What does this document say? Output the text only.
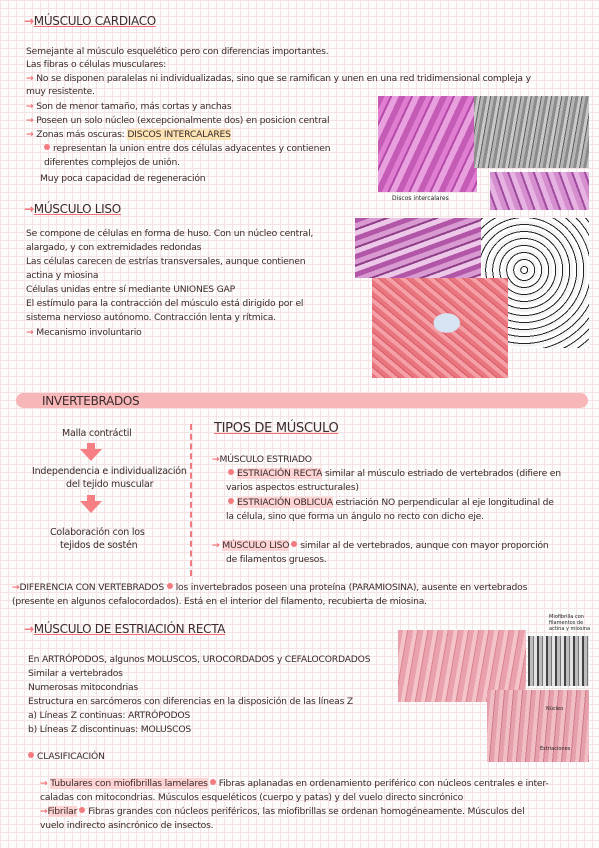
→MÚSCULO CARDIACO
Semejante al músculo esquelético pero con diferencias importantes.
Las fibras o células musculares:
→ No se disponen paralelas ni individualizadas, sino que se ramifican y unen en una red tridimensional compleja y
muy resistente.
→ Son de menor tamaño, más cortas y anchas
→ Poseen un solo núcleo (excepcionalmente dos) en posicion central
→ Zonas más oscuras: DISCOS INTERCALARES
representan la union entre dos células adyacentes y contienen
diferentes complejos de unión.
Muy poca capacidad de regeneración
Discos intercalares
→MÚSCULO LISO
Se compone de células en forma de huso. Con un núcleo central,
alargado, y con extremidades redondas
Las células carecen de estrías transversales, aunque contienen
actina y miosina
Células unidas entre sí mediante UNIONES GAP
El estímulo para la contracción del músculo está dirigido por el
sistema nervioso autónomo. Contracción lenta y rítmica.
→ Mecanismo involuntario
INVERTEBRADOS
Malla contráctil
Independencia e individualización
del tejido muscular
Colaboración con los
tejidos de sostén
TIPOS DE MÚSCULO
→MÚSCULO ESTRIADO
ESTRIACIÓN RECTA similar al músculo estriado de vertebrados (difiere en
varios aspectos estructurales)
ESTRIACIÓN OBLICUA estriación NO perpendicular al eje longitudinal de
la célula, sino que forma un ángulo no recto con dicho eje.
→ MÚSCULO LISO similar al de vertebrados, aunque con mayor proporción
de filamentos gruesos.
→DIFERENCIA CON VERTEBRADOS los invertebrados poseen una proteína (PARAMIOSINA), ausente en vertebrados
(presente en algunos cefalocordados). Está en el interior del filamento, recubierta de miosina.
→MÚSCULO DE ESTRIACIÓN RECTA
En ARTRÓPODOS, algunos MOLUSCOS, UROCORDADOS y CEFALOCORDADOS
Similar a vertebrados
Numerosas mitocondrias
Estructura en sarcómeros con diferencias en la disposición de las líneas Z
a) Líneas Z continuas: ARTRÓPODOS
b) Líneas Z discontinuas: MOLUSCOS
CLASIFICACIÓN
→ Tubulares con miofibrillas lamelares Fibras aplanadas en ordenamiento periférico con núcleos centrales e inter-
caladas con mitocondrias. Músculos esqueléticos (cuerpo y patas) y del vuelo directo sincrónico
→Fibrilar Fibras grandes con núcleos periféricos, las miofibrillas se ordenan homogéneamente. Músculos del
vuelo indirecto asincrónico de insectos.
Miofibrilla con
filamentos de
actina y miosina
Núcleo
Estriaciones
